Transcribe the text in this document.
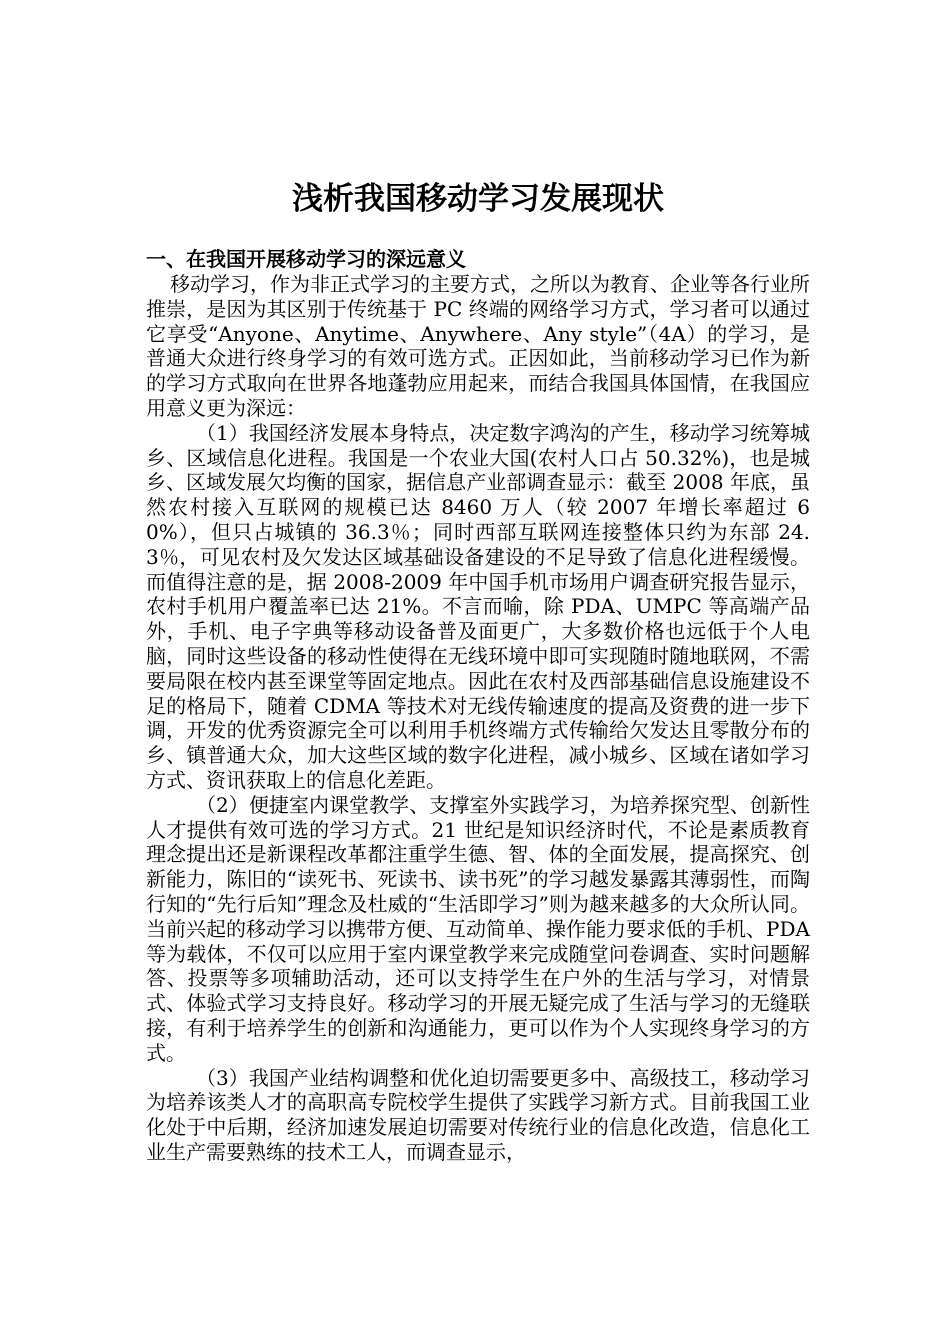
浅析我国移动学习发展现状
一、在我国开展移动学习的深远意义

移动学习，作为非正式学习的主要方式，之所以为教育、企业等各行业所推崇，是因为其区别于传统基于 PC 终端的网络学习方式，学习者可以通过它享受“Anyone、Anytime、Anywhere、Any style”（4A）的学习，是普通大众进行终身学习的有效可选方式。正因如此，当前移动学习已作为新的学习方式取向在世界各地蓬勃应用起来，而结合我国具体国情，在我国应用意义更为深远：

（1）我国经济发展本身特点，决定数字鸿沟的产生，移动学习统筹城乡、区域信息化进程。我国是一个农业大国(农村人口占 50.32%)，也是城乡、区域发展欠均衡的国家，据信息产业部调查显示：截至 2008 年底，虽然农村接入互联网的规模已达 8460 万人（较 2007 年增长率超过 60%），但只占城镇的 36.3％；同时西部互联网连接整体只约为东部 24.3％，可见农村及欠发达区域基础设备建设的不足导致了信息化进程缓慢。而值得注意的是，据 2008-2009 年中国手机市场用户调查研究报告显示，农村手机用户覆盖率已达 21%。不言而喻，除 PDA、UMPC 等高端产品外，手机、电子字典等移动设备普及面更广，大多数价格也远低于个人电脑，同时这些设备的移动性使得在无线环境中即可实现随时随地联网，不需要局限在校内甚至课堂等固定地点。因此在农村及西部基础信息设施建设不足的格局下，随着 CDMA 等技术对无线传输速度的提高及资费的进一步下调，开发的优秀资源完全可以利用手机终端方式传输给欠发达且零散分布的乡、镇普通大众，加大这些区域的数字化进程，减小城乡、区域在诸如学习方式、资讯获取上的信息化差距。

（2）便捷室内课堂教学、支撑室外实践学习，为培养探究型、创新性人才提供有效可选的学习方式。21 世纪是知识经济时代，不论是素质教育理念提出还是新课程改革都注重学生德、智、体的全面发展，提高探究、创新能力，陈旧的“读死书、死读书、读书死”的学习越发暴露其薄弱性，而陶行知的“先行后知”理念及杜威的“生活即学习”则为越来越多的大众所认同。当前兴起的移动学习以携带方便、互动简单、操作能力要求低的手机、PDA 等为载体，不仅可以应用于室内课堂教学来完成随堂问卷调查、实时问题解答、投票等多项辅助活动，还可以支持学生在户外的生活与学习，对情景式、体验式学习支持良好。移动学习的开展无疑完成了生活与学习的无缝联接，有利于培养学生的创新和沟通能力，更可以作为个人实现终身学习的方式。

（3）我国产业结构调整和优化迫切需要更多中、高级技工，移动学习为培养该类人才的高职高专院校学生提供了实践学习新方式。目前我国工业化处于中后期，经济加速发展迫切需要对传统行业的信息化改造，信息化工业生产需要熟练的技术工人，而调查显示，
